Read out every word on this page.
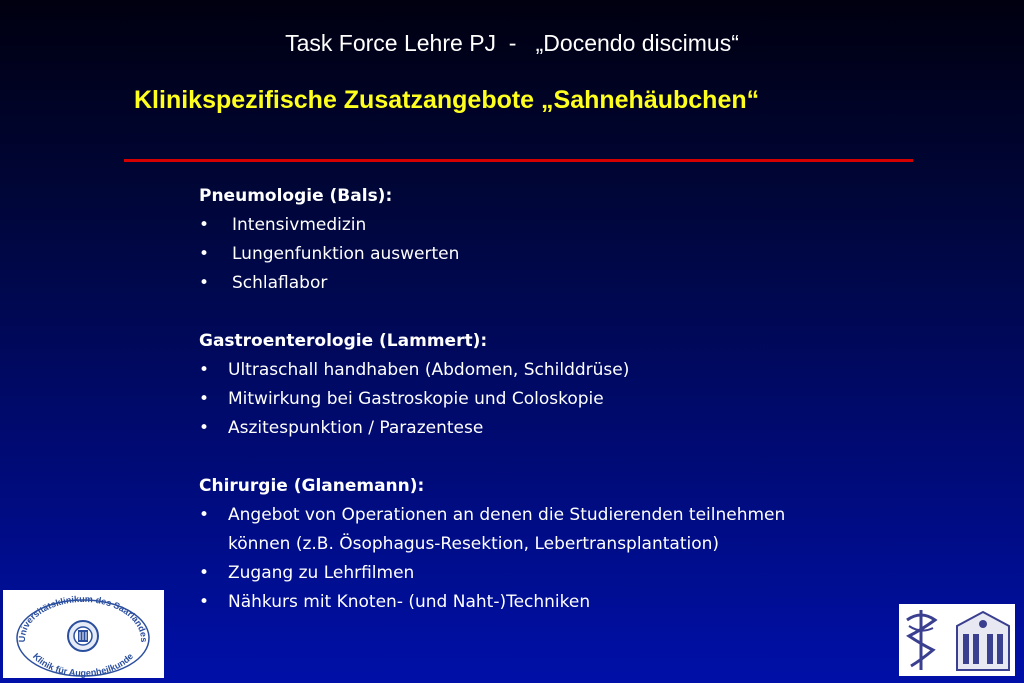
Task Force Lehre PJ  -   „Docendo discimus“
Klinikspezifische Zusatzangebote „Sahnehäubchen“
Pneumologie (Bals):
• Intensivmedizin
• Lungenfunktion auswerten
• Schlaflabor
Gastroenterologie (Lammert):
• Ultraschall handhaben (Abdomen, Schilddrüse)
• Mitwirkung bei Gastroskopie und Coloskopie
• Aszitespunktion / Parazentese
Chirurgie (Glanemann):
• Angebot von Operationen an denen die Studierenden teilnehmen
können (z.B. Ösophagus-Resektion, Lebertransplantation)
• Zugang zu Lehrfilmen
• Nähkurs mit Knoten- (und Naht-)Techniken
Universitätsklinikum des Saarlandes
Klinik für Augenheilkunde
